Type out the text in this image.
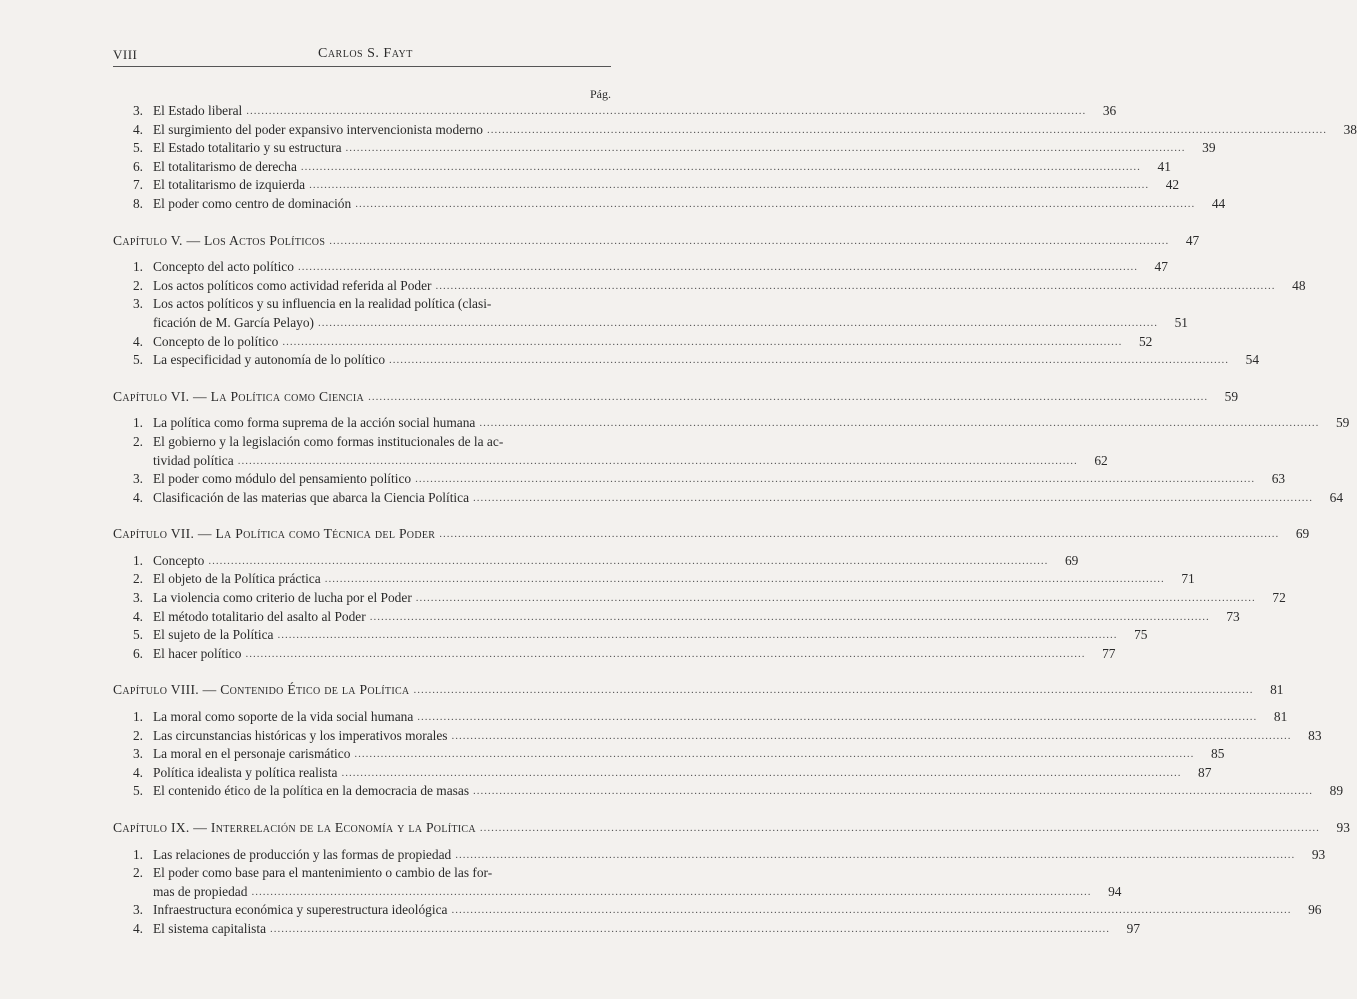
VIII	Carlos S. Fayt
Pág.
3. El Estado liberal .....	36
4. El surgimiento del poder expansivo intervencionista moderno .....	38
5. El Estado totalitario y su estructura .....	39
6. El totalitarismo de derecha .....	41
7. El totalitarismo de izquierda .....	42
8. El poder como centro de dominación .....	44
Capítulo V. — Los Actos Políticos .....	47
1. Concepto del acto político .....	47
2. Los actos políticos como actividad referida al Poder .....	48
3. Los actos políticos y su influencia en la realidad política (clasi-
ficación de M. García Pelayo) .....	51
4. Concepto de lo político .....	52
5. La especificidad y autonomía de lo político .....	54
Capítulo VI. — La Política como Ciencia .....	59
1. La política como forma suprema de la acción social humana .....	59
2. El gobierno y la legislación como formas institucionales de la ac-
tividad política .....	62
3. El poder como módulo del pensamiento político .....	63
4. Clasificación de las materias que abarca la Ciencia Política .....	64
Capítulo VII. — La Política como Técnica del Poder .....	69
1. Concepto .....	69
2. El objeto de la Política práctica .....	71
3. La violencia como criterio de lucha por el Poder .....	72
4. El método totalitario del asalto al Poder .....	73
5. El sujeto de la Política .....	75
6. El hacer político .....	77
Capítulo VIII. — Contenido Ético de la Política .....	81
1. La moral como soporte de la vida social humana .....	81
2. Las circunstancias históricas y los imperativos morales .....	83
3. La moral en el personaje carismático .....	85
4. Política idealista y política realista .....	87
5. El contenido ético de la política en la democracia de masas .....	89
Capítulo IX. — Interrelación de la Economía y la Política .....	93
1. Las relaciones de producción y las formas de propiedad .....	93
2. El poder como base para el mantenimiento o cambio de las for-
mas de propiedad .....	94
3. Infraestructura económica y superestructura ideológica .....	96
4. El sistema capitalista .....	97
